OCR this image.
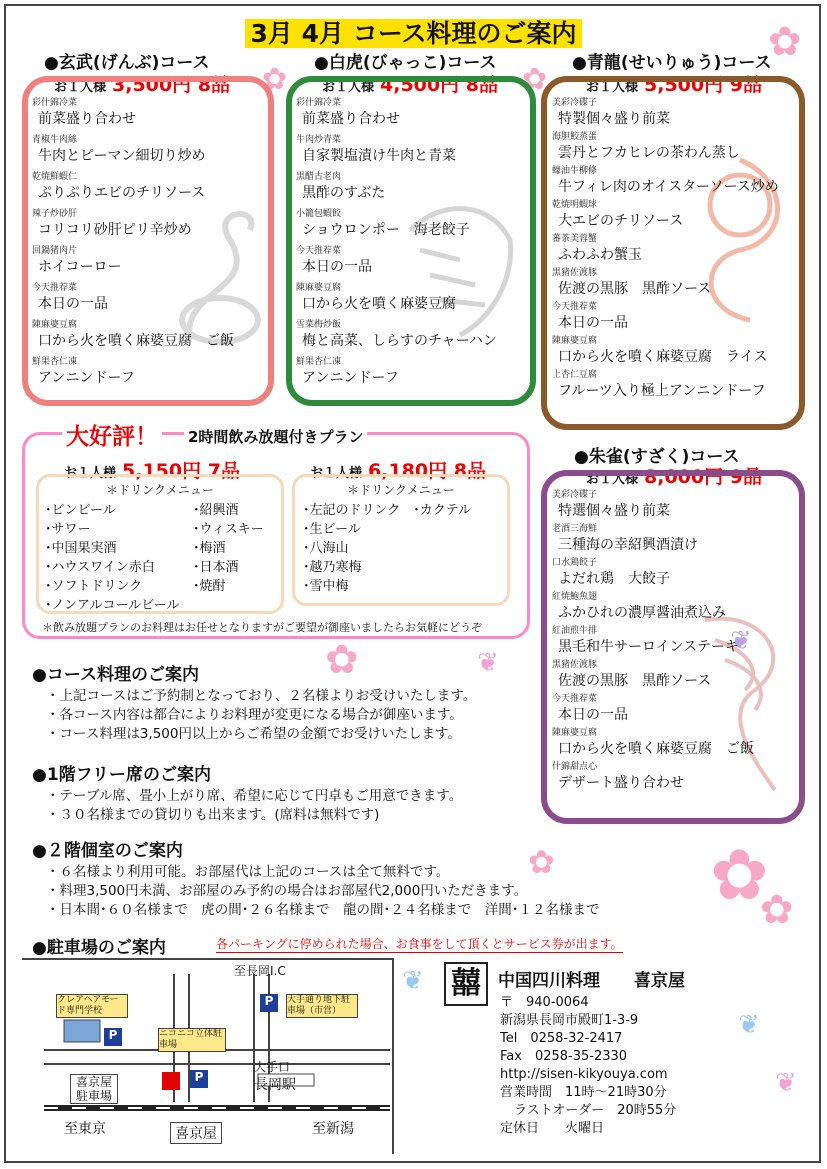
3月 4月 コース料理のご案内	✿
✿	✿
✿
✿ ✿
✿
❦
❦
❦
❦
❦
●玄武(げんぶ)コース
お１人様 3,500円 8品
彩什錦冷菜
前菜盛り合わせ
青椒牛肉絲
牛肉とピーマン細切り炒め
乾焼鮮蝦仁
ぷりぷりエビのチリソース
辣子炒砂肝
コリコリ砂肝ピリ辛炒め
回鍋猪肉片
ホイコーロー
今天推荐菜
本日の一品
陳麻婆豆腐
口から火を噴く麻婆豆腐　ご飯
鮮果杏仁凍
アンニンドーフ
●白虎(びゃっこ)コース
お１人様 4,500円 8品
彩什錦冷菜
前菜盛り合わせ
牛肉炒青菜
自家製塩漬け牛肉と青菜
黒醋古老肉
黒酢のすぶた
小籠包蝦餃
ショウロンポー　海老餃子
今天推荐菜
本日の一品
陳麻婆豆腐
口から火を噴く麻婆豆腐
雪菜梅炒飯
梅と高菜、しらすのチャーハン
鮮果杏仁凍
アンニンドーフ
●青龍(せいりゅう)コース
お１人様 5,500円 9品
美彩冷碟子
特製個々盛り前菜
海胆鮫蒸蛋
雲丹とフカヒレの茶わん蒸し
蠔油牛柳條
牛フィレ肉のオイスターソース炒め
乾焼明蝦球
大エビのチリソース
蕃茶美蓉蟹
ふわふわ蟹玉
黒豬佐渡豚
佐渡の黒豚　黒酢ソース
今天推荐菜
本日の一品
陳麻婆豆腐
口から火を噴く麻婆豆腐　ライス
上杏仁豆腐
フルーツ入り極上アンニンドーフ
●朱雀(すざく)コース
お１人様 8,000円 9品
美彩冷碟子
特選個々盛り前菜
老酒三海鮮
三種海の幸紹興酒漬け
口水鶏餃子
よだれ鶏　大餃子
紅焼鮑魚翅
ふかひれの濃厚醤油煮込み
紅油煎牛排
黒毛和牛サーロインステーキ
黒豬佐渡豚
佐渡の黒豚　黒酢ソース
今天推荐菜
本日の一品
陳麻婆豆腐
口から火を噴く麻婆豆腐　ご飯
什錦甜点心
デザート盛り合わせ
大好評！ 2時間飲み放題付きプラン
お１人様 5,150円 7品
＊ドリンクメニュー
･ビンビール
･サワー
･中国果実酒
･ハウスワイン赤白
･ソフトドリンク
･ノンアルコールビール
･紹興酒
･ウィスキー
･梅酒
･日本酒
･焼酎
お１人様 6,180円 8品
＊ドリンクメニュー
･左記のドリンク　･カクテル
･生ビール
･八海山
･越乃寒梅
･雪中梅
＊飲み放題プランのお料理はお任せとなりますがご要望が御座いましたらお気軽にどうぞ
●コース料理のご案内
・上記コースはご予約制となっており、２名様よりお受けいたします。
・各コース内容は都合によりお料理が変更になる場合が御座います。
・コース料理は3,500円以上からご希望の金額でお受けいたします。
●1階フリー席のご案内
・テーブル席、畳小上がり席、希望に応じて円卓もご用意できます。
・３０名様までの貸切りも出来ます。(席料は無料です)
●２階個室のご案内
・６名様より利用可能。お部屋代は上記のコースは全て無料です。
・料理3,500円未満、お部屋のみ予約の場合はお部屋代2,000円いただきます。
・日本間･６０名様まで　虎の間･２６名様まで　龍の間･２４名様まで　洋間･１２名様まで
●駐車場のご案内	各パーキングに停められた場合、お食事をして頂くとサービス券が出ます。
至長岡I.C
クレアヘアモード専門学校
P	大手通り地下駐車場（市営）
P	ニコニコ立体駐車場
P
喜京屋駐車場
大手口
長岡駅
至東京	喜京屋	至新潟
囍	中国四川料理　　喜京屋
〒　940-0064
新潟県長岡市殿町1-3-9
Tel　0258-32-2417
Fax　0258-35-2330
http://sisen-kikyouya.com
営業時間　11時～21時30分
ラストオーダー　20時55分
定休日　　火曜日
